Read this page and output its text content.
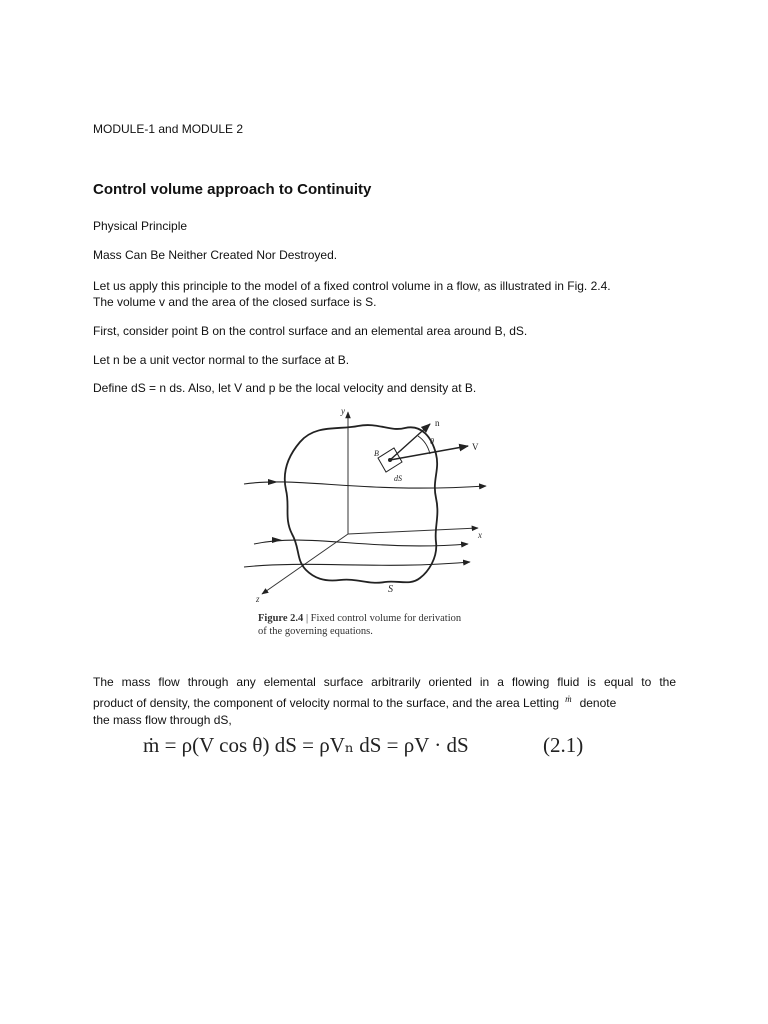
MODULE-1 and MODULE 2
Control volume approach to Continuity
Physical Principle
Mass Can Be Neither Created Nor Destroyed.
Let us apply this principle to the model of a fixed control volume in a flow, as illustrated in Fig. 2.4.
The volume v and the area of the closed surface is S.
First, consider point B on the control surface and an elemental area around B, dS.
Let n be a unit vector normal to the surface at B.
Define dS = n ds. Also, let V and p be the local velocity and density at B.
y
x
z
S
B
dS
n
V
θ
Figure 2.4 | Fixed control volume for derivation
of the governing equations.
The mass flow through any elemental surface arbitrarily oriented in a flowing fluid is equal to the
product of density, the component of velocity normal to the surface, and the area Letting $^ṁ$ denote
the mass flow through dS,
ṁ = ρ(V cos θ) dS = ρVₙ dS = ρV · dS	(2.1)
